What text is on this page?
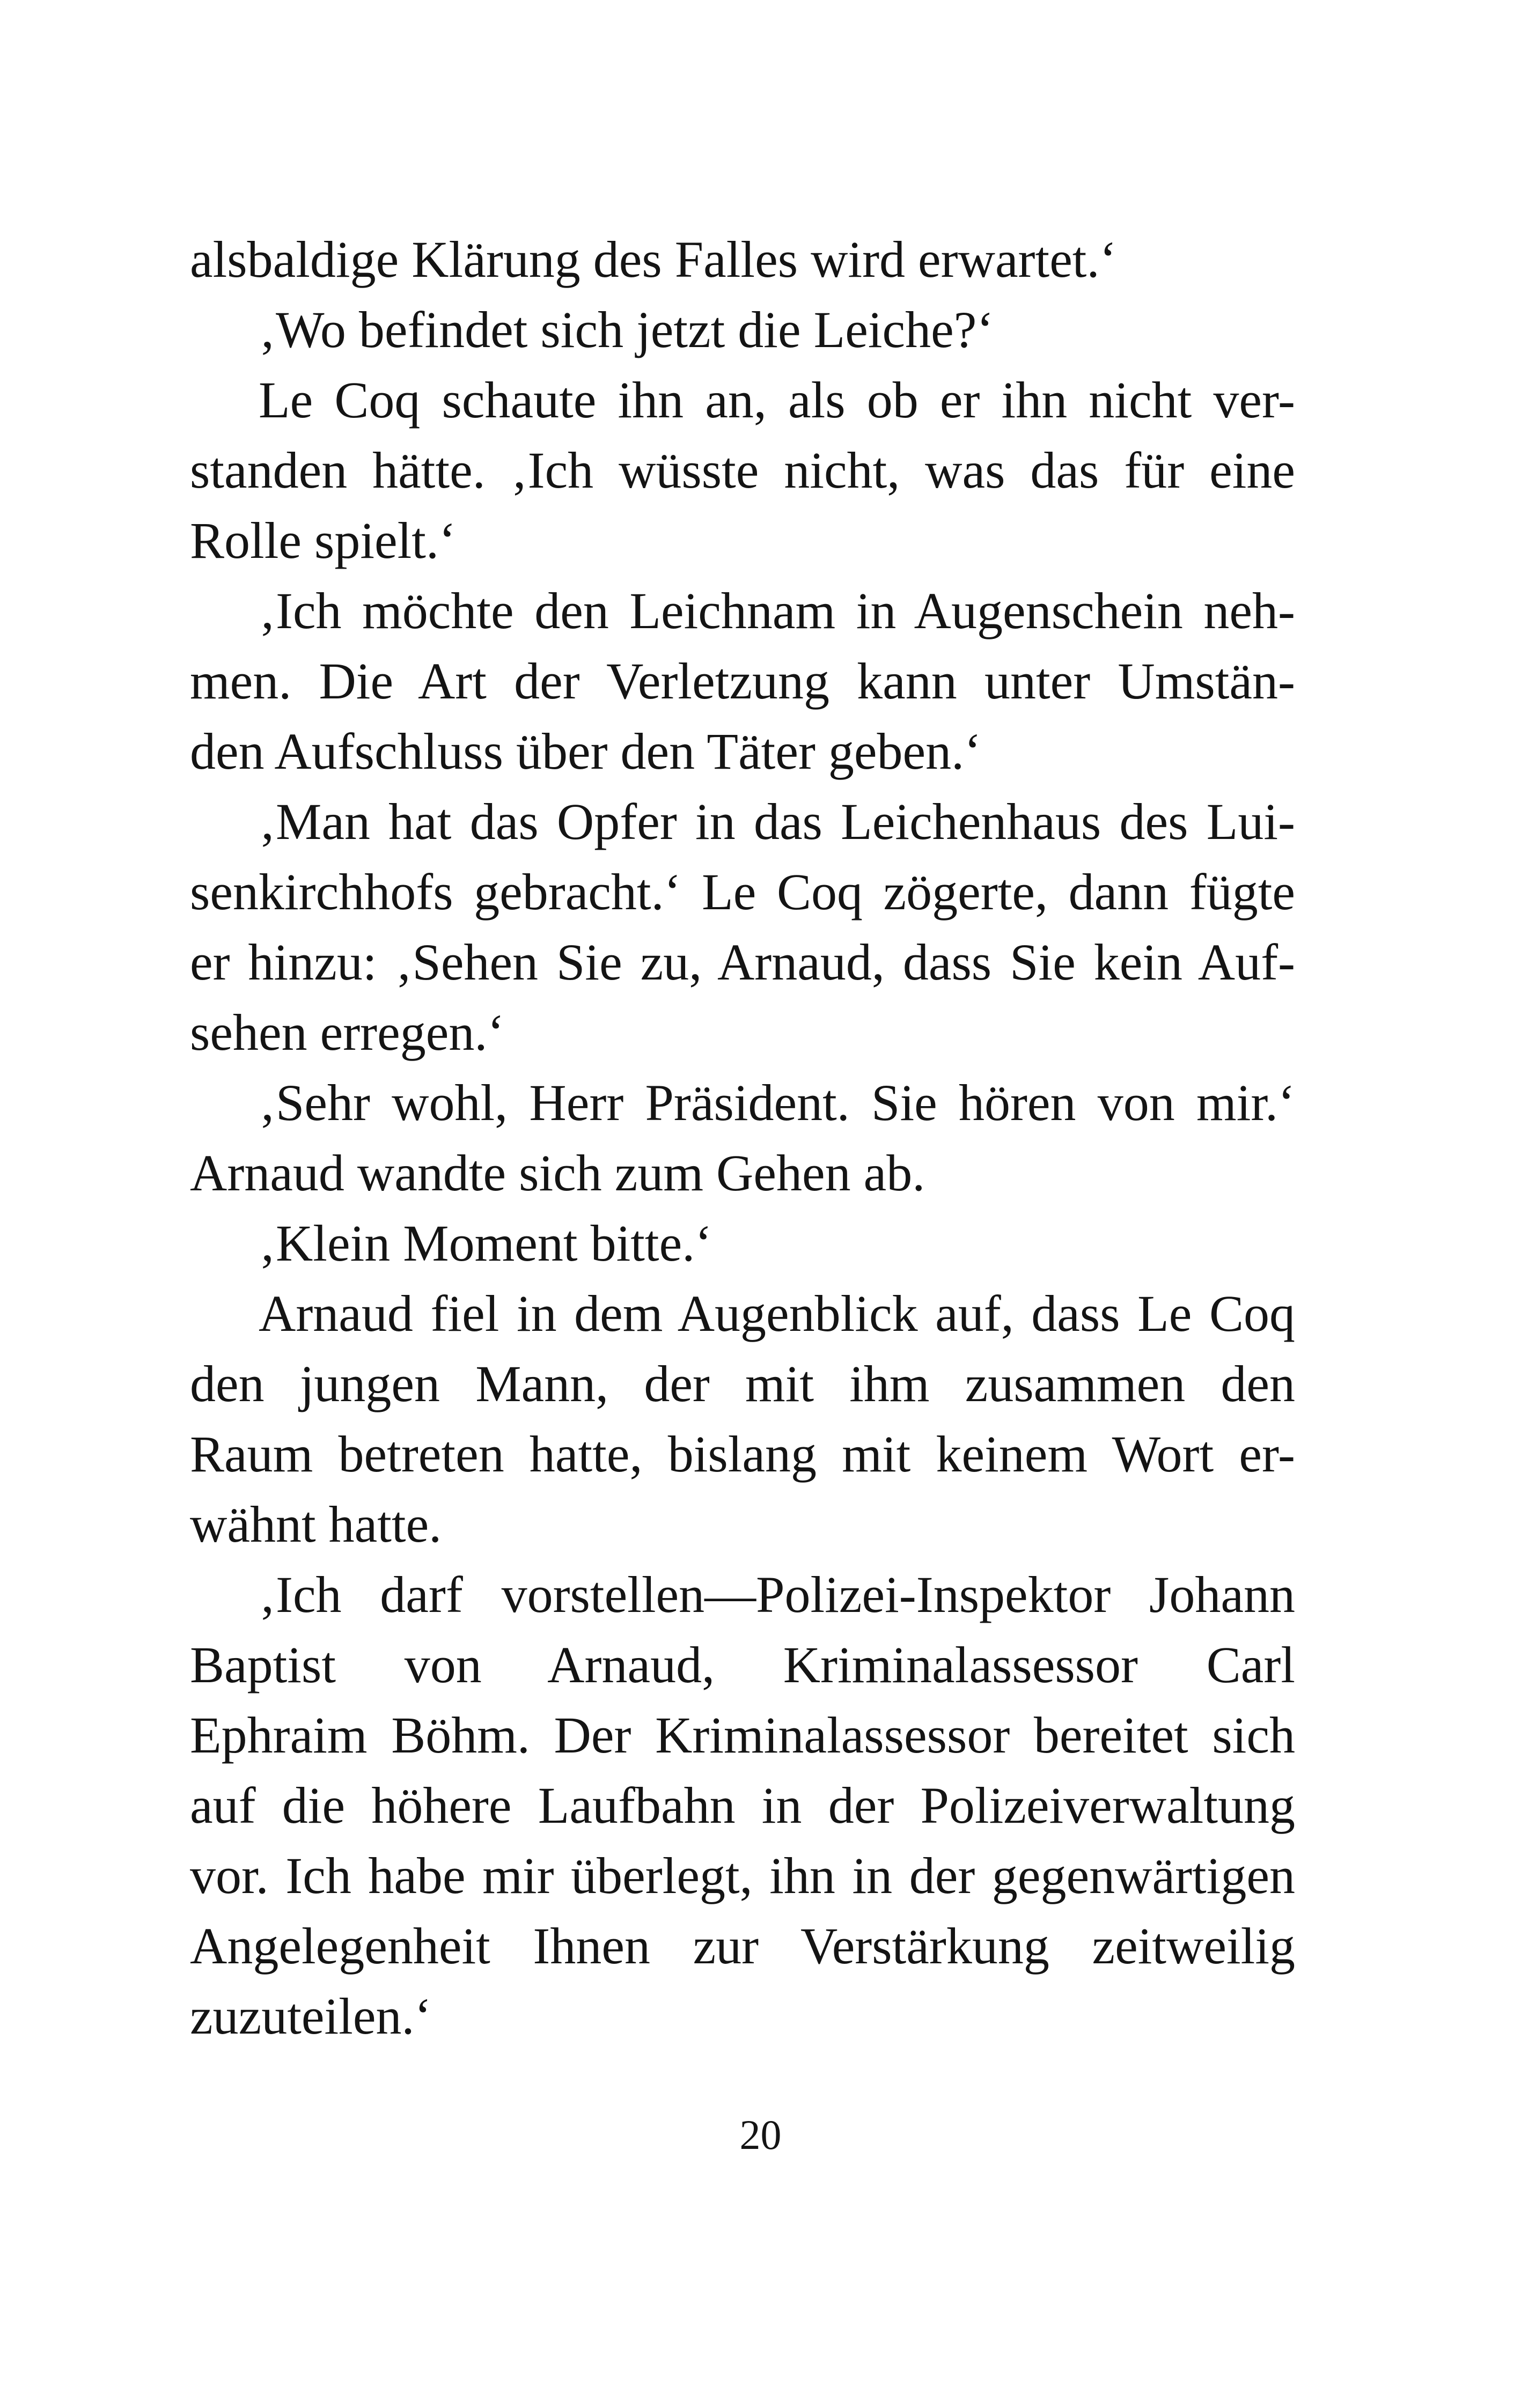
alsbaldige Klärung des Falles wird erwartet.‘
‚Wo befindet sich jetzt die Leiche?‘
Le Coq schaute ihn an, als ob er ihn nicht ver-
standen hätte. ‚Ich wüsste nicht, was das für eine
Rolle spielt.‘
‚Ich möchte den Leichnam in Augenschein neh-
men. Die Art der Verletzung kann unter Umstän-
den Aufschluss über den Täter geben.‘
‚Man hat das Opfer in das Leichenhaus des Lui-
senkirchhofs gebracht.‘ Le Coq zögerte, dann fügte
er hinzu: ‚Sehen Sie zu, Arnaud, dass Sie kein Auf-
sehen erregen.‘
‚Sehr wohl, Herr Präsident. Sie hören von mir.‘
Arnaud wandte sich zum Gehen ab.
‚Klein Moment bitte.‘
Arnaud fiel in dem Augenblick auf, dass Le Coq
den jungen Mann, der mit ihm zusammen den
Raum betreten hatte, bislang mit keinem Wort er-
wähnt hatte.
‚Ich darf vorstellen—Polizei-Inspektor Johann
Baptist von Arnaud, Kriminalassessor Carl
Ephraim Böhm. Der Kriminalassessor bereitet sich
auf die höhere Laufbahn in der Polizeiverwaltung
vor. Ich habe mir überlegt, ihn in der gegenwärtigen
Angelegenheit Ihnen zur Verstärkung zeitweilig
zuzuteilen.‘
20
